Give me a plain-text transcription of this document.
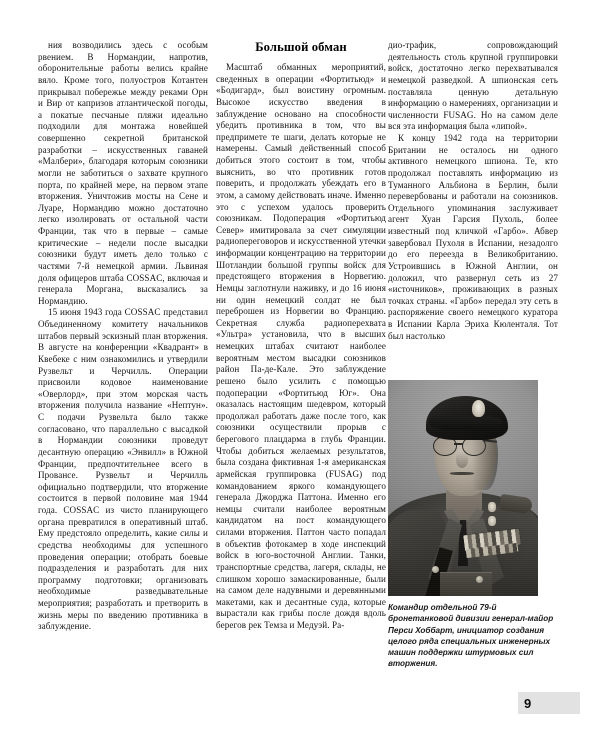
ния возводились здесь с особым рвением. В Нормандии, напротив, оборонительные работы велись крайне вяло. Кроме того, полуостров Котантен прикрывал побережье между реками Орн и Вир от капризов атлантической погоды, а покатые песчаные пляжи идеально подходили для монтажа новейшей совершенно секретной британской разработки – искусственных гаваней «Малбери», благодаря которым союзники могли не заботиться о захвате крупного порта, по крайней мере, на первом этапе вторжения. Уничтожив мосты на Сене и Луаре, Нормандию можно достаточно легко изолировать от остальной части Франции, так что в первые – самые критические – недели после высадки союзники будут иметь дело только с частями 7-й немецкой армии. Львиная доля офицеров штаба COSSAC, включая и генерала Моргана, высказались за Нормандию.

15 июня 1943 года COSSAC представил Объединенному комитету начальников штабов первый эскизный план вторжения. В августе на конференции «Квадрант» в Квебеке с ним ознакомились и утвердили Рузвельт и Черчилль. Операции присвоили кодовое наименование «Оверлорд», при этом морская часть вторжения получила название «Нептун». С подачи Рузвельта было также согласовано, что параллельно с высадкой в Нормандии союзники проведут десантную операцию «Энвилл» в Южной Франции, предпочтительнее всего в Провансе. Рузвельт и Черчилль официально подтвердили, что вторжение состоится в первой половине мая 1944 года. COSSAC из чисто планирующего органа превратился в оперативный штаб. Ему предстояло определить, какие силы и средства необходимы для успешного проведения операции; отобрать боевые подразделения и разработать для них программу подготовки; организовать необходимые разведывательные мероприятия; разработать и претворить в жизнь меры по введению противника в заблуждение.

Большой обман

Масштаб обманных мероприятий, сведенных в операции «Фортитьюд» и «Бодигард», был воистину огромным. Высокое искусство введения в заблуждение основано на способности убедить противника в том, что вы предпримете те шаги, делать которые не намерены. Самый действенный способ добиться этого состоит в том, чтобы выяснить, во что противник готов поверить, и продолжать убеждать его в этом, а самому действовать иначе. Именно это с успехом удалось проверить союзникам. Подоперация «Фортитьюд Север» имитировала за счет симуляции радиопереговоров и искусственной утечки информации концентрацию на территории Шотландии большой группы войск для предстоящего вторжения в Норвегию. Немцы заглотнули наживку, и до 16 июня ни один немецкий солдат не был переброшен из Норвегии во Францию. Секретная служба радиоперехвата «Ультра» установила, что в высших немецких штабах считают наиболее вероятным местом высадки союзников район Па-де-Кале. Это заблуждение решено было усилить с помощью подоперации «Фортитьюд Юг». Она оказалась настоящим шедевром, который продолжал работать даже после того, как союзники осуществили прорыв с берегового плацдарма в глубь Франции. Чтобы добиться желаемых результатов, была создана фиктивная 1-я американская армейская группировка (FUSAG) под командованием яркого командующего генерала Джорджа Паттона. Именно его немцы считали наиболее вероятным кандидатом на пост командующего силами вторжения. Паттон часто попадал в объектив фотокамер в ходе инспекций войск в юго-восточной Англии. Танки, транспортные средства, лагеря, склады, не слишком хорошо замаскированные, были на самом деле надувными и деревянными макетами, как и десантные суда, которые вырастали как грибы после дождя вдоль берегов рек Темза и Медуэй. Ра-

дио-трафик, сопровождающий деятельность столь крупной группировки войск, достаточно легко перехватывался немецкой разведкой. А шпионская сеть поставляла ценную детальную информацию о намерениях, организации и численности FUSAG. Но на самом деле вся эта информация была «липой».

К концу 1942 года на территории Британии не осталось ни одного активного немецкого шпиона. Те, кто продолжал поставлять информацию из Туманного Альбиона в Берлин, были перевербованы и работали на союзников. Отдельного упоминания заслуживает агент Хуан Гарсия Пухоль, более известный под кличкой «Гарбо». Абвер завербовал Пухоля в Испании, незадолго до его переезда в Великобританию. Устроившись в Южной Англии, он доложил, что развернул сеть из 27 «источников», проживающих в разных точках страны. «Гарбо» передал эту сеть в распоряжение своего немецкого куратора в Испании Карла Эриха Кюленталя. Тот был настолько

Командир отдельной 79-й бронетанковой дивизии генерал-майор Перси Хоббарт, инициатор создания целого ряда специальных инженерных машин поддержки штурмовых сил вторжения.
9
